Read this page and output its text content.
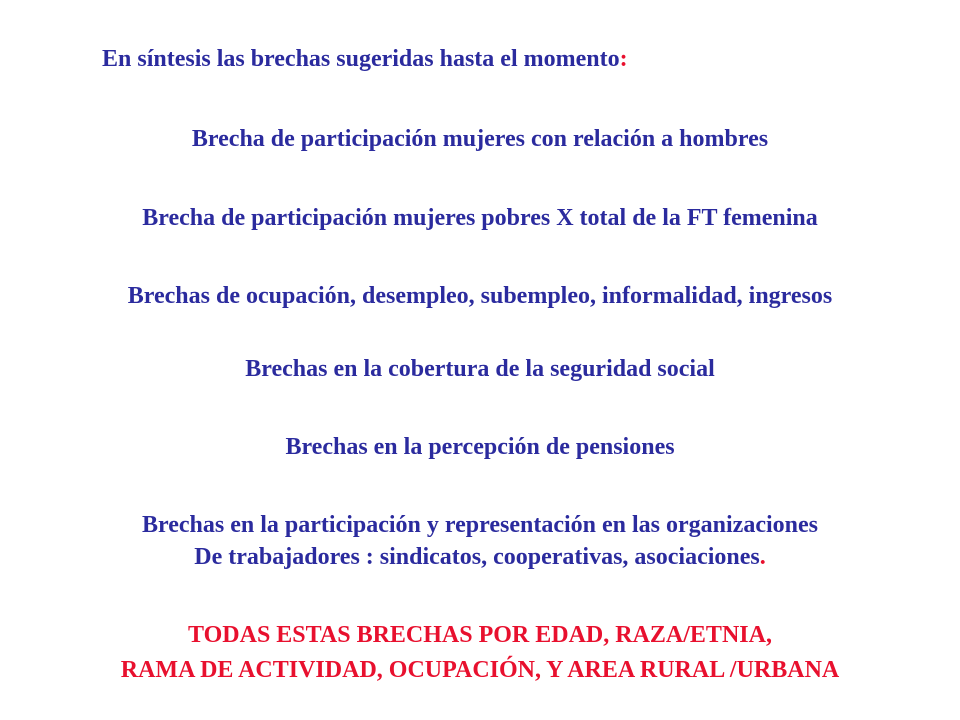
En síntesis las brechas sugeridas hasta el momento:
Brecha de participación mujeres con relación a hombres
Brecha de participación mujeres pobres X total de la FT femenina
Brechas de ocupación, desempleo, subempleo, informalidad, ingresos
Brechas en la cobertura de la seguridad social
Brechas en la percepción de pensiones
Brechas en la participación y representación en las organizaciones
De trabajadores : sindicatos, cooperativas, asociaciones.
TODAS ESTAS BRECHAS POR EDAD, RAZA/ETNIA,
RAMA DE ACTIVIDAD, OCUPACIÓN, Y AREA RURAL /URBANA
